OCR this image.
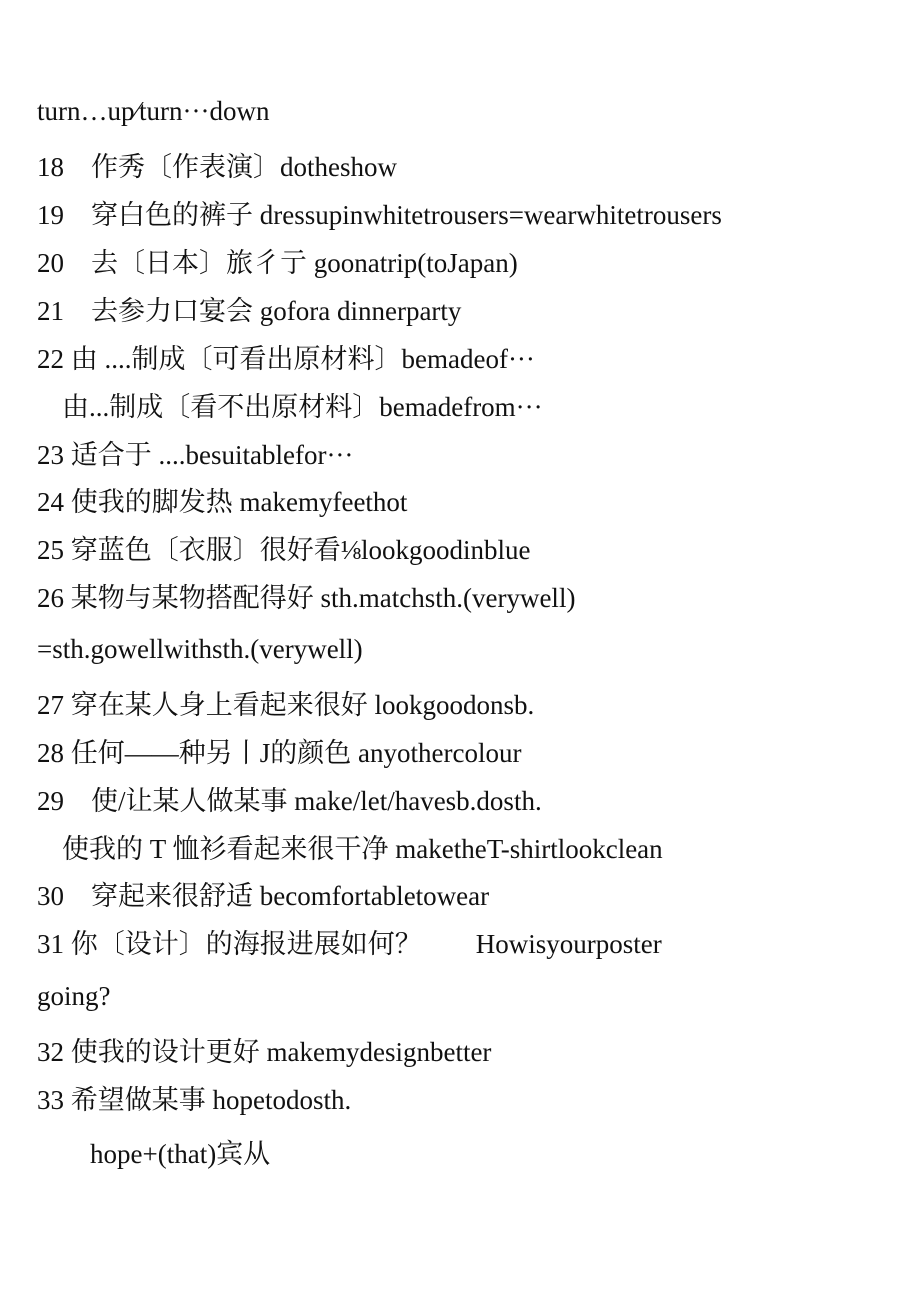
turn…up⁄turn···down
18　作秀〔作表演〕dotheshow
19　穿白色的裤子 dressupinwhitetrousers=wearwhitetrousers
20　去〔日本〕旅彳亍 goonatrip(toJapan)
21　去参力口宴会 gofora dinnerparty
22 由 ....制成〔可看出原材料〕bemadeof···
由...制成〔看不出原材料〕bemadefrom···
23 适合于 ....besuitablefor···
24 使我的脚发热 makemyfeethot
25 穿蓝色〔衣服〕很好看⅛lookgoodinblue
26 某物与某物搭配得好 sth.matchsth.(verywell)
=sth.gowellwithsth.(verywell)
27 穿在某人身上看起来很好 lookgoodonsb.
28 任何——种另丨J的颜色 anyothercolour
29　使/让某人做某事 make/let/havesb.dosth.
使我的 T 恤衫看起来很干净 maketheT-shirtlookclean
30　穿起来很舒适 becomfortabletowear
31 你〔设计〕的海报进展如何？　　Howisyourposter
going?
32 使我的设计更好 makemydesignbetter
33 希望做某事 hopetodosth.
hope+(that)宾从
